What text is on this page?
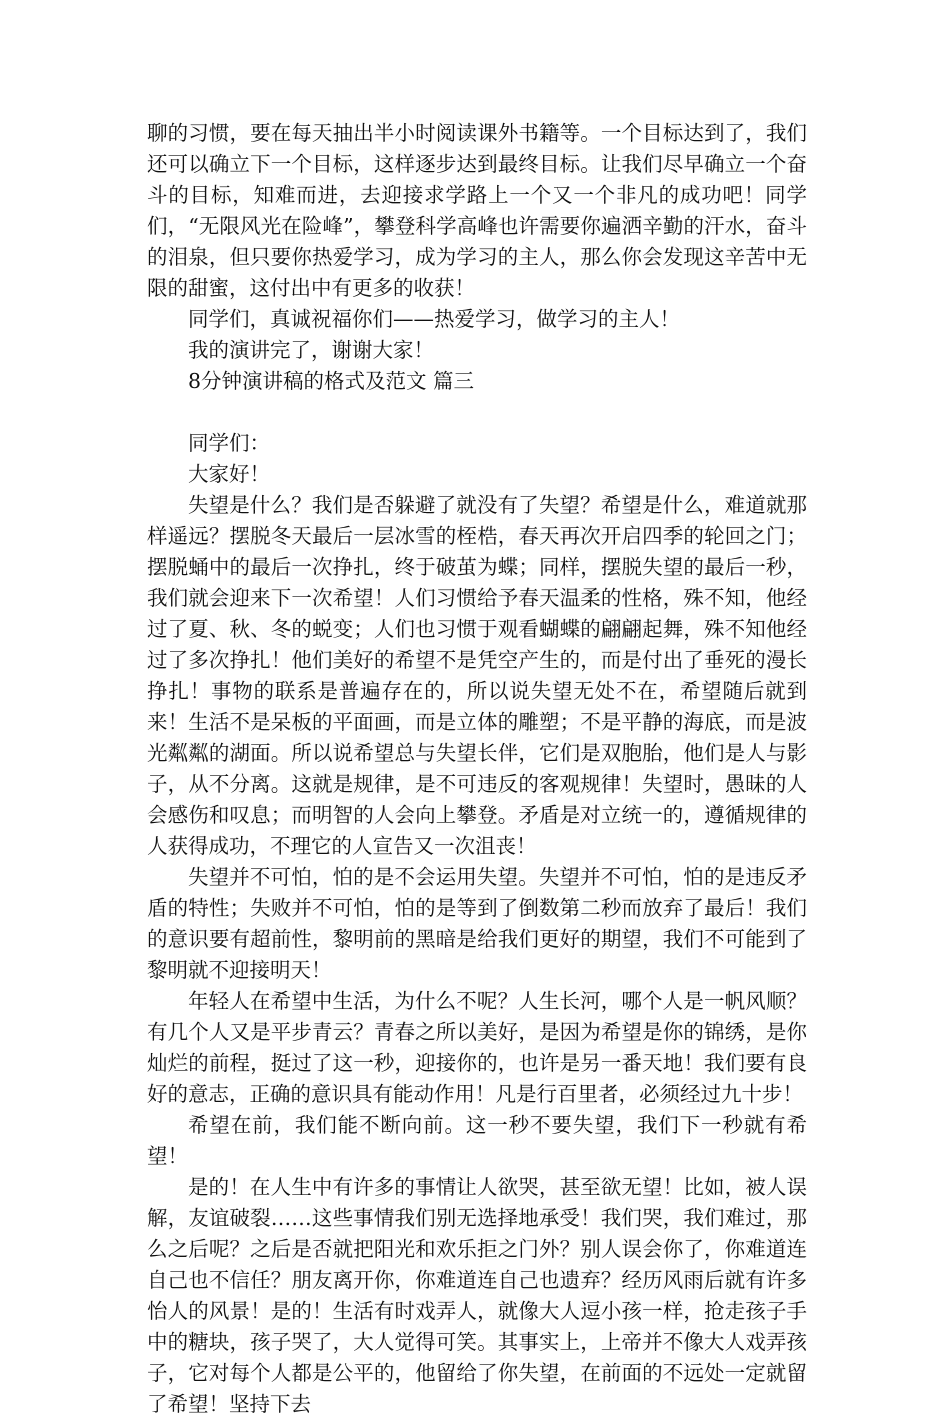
聊的习惯，要在每天抽出半小时阅读课外书籍等。一个目标达到了，我们还可以确立下一个目标，这样逐步达到最终目标。让我们尽早确立一个奋斗的目标，知难而进，去迎接求学路上一个又一个非凡的成功吧！同学们，“无限风光在险峰”，攀登科学高峰也许需要你遍洒辛勤的汗水，奋斗的泪泉，但只要你热爱学习，成为学习的主人，那么你会发现这辛苦中无限的甜蜜，这付出中有更多的收获！

同学们，真诚祝福你们——热爱学习，做学习的主人！

我的演讲完了，谢谢大家！

8分钟演讲稿的格式及范文 篇三

同学们：

大家好！

失望是什么？我们是否躲避了就没有了失望？希望是什么，难道就那样遥远？摆脱冬天最后一层冰雪的桎梏，春天再次开启四季的轮回之门；摆脱蛹中的最后一次挣扎，终于破茧为蝶；同样，摆脱失望的最后一秒，我们就会迎来下一次希望！人们习惯给予春天温柔的性格，殊不知，他经过了夏、秋、冬的蜕变；人们也习惯于观看蝴蝶的翩翩起舞，殊不知他经过了多次挣扎！他们美好的希望不是凭空产生的，而是付出了垂死的漫长挣扎！事物的联系是普遍存在的，所以说失望无处不在，希望随后就到来！生活不是呆板的平面画，而是立体的雕塑；不是平静的海底，而是波光粼粼的湖面。所以说希望总与失望长伴，它们是双胞胎，他们是人与影子，从不分离。这就是规律，是不可违反的客观规律！失望时，愚昧的人会感伤和叹息；而明智的人会向上攀登。矛盾是对立统一的，遵循规律的人获得成功，不理它的人宣告又一次沮丧！

失望并不可怕，怕的是不会运用失望。失望并不可怕，怕的是违反矛盾的特性；失败并不可怕，怕的是等到了倒数第二秒而放弃了最后！我们的意识要有超前性，黎明前的黑暗是给我们更好的期望，我们不可能到了黎明就不迎接明天！

年轻人在希望中生活，为什么不呢？人生长河，哪个人是一帆风顺？有几个人又是平步青云？青春之所以美好，是因为希望是你的锦绣，是你灿烂的前程，挺过了这一秒，迎接你的，也许是另一番天地！我们要有良好的意志，正确的意识具有能动作用！凡是行百里者，必须经过九十步！

希望在前，我们能不断向前。这一秒不要失望，我们下一秒就有希望！

是的！在人生中有许多的事情让人欲哭，甚至欲无望！比如，被人误解，友谊破裂……这些事情我们别无选择地承受！我们哭，我们难过，那么之后呢？之后是否就把阳光和欢乐拒之门外？别人误会你了，你难道连自己也不信任？朋友离开你，你难道连自己也遗弃？经历风雨后就有许多怡人的风景！是的！生活有时戏弄人，就像大人逗小孩一样，抢走孩子手中的糖块，孩子哭了，大人觉得可笑。其事实上，上帝并不像大人戏弄孩子，它对每个人都是公平的，他留给了你失望，在前面的不远处一定就留了希望！坚持下去
